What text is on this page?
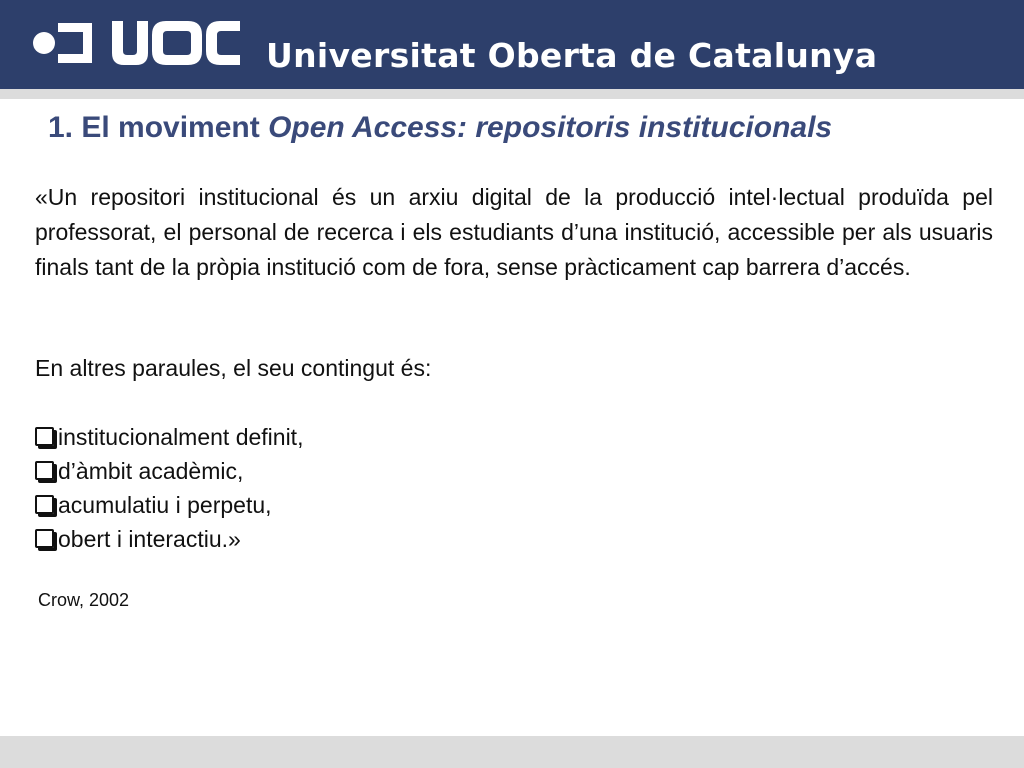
Universitat Oberta de Catalunya
1. El moviment Open Access: repositoris institucionals

«Un repositori institucional és un arxiu digital de la producció intel·lectual produïda pel professorat, el personal de recerca i els estudiants d’una institució, accessible per als usuaris finals tant de la pròpia institució com de fora, sense pràcticament cap barrera d’accés.

En altres paraules, el seu contingut és:

institucionalment definit,
d’àmbit acadèmic,
acumulatiu i perpetu,
obert i interactiu.»

Crow, 2002
